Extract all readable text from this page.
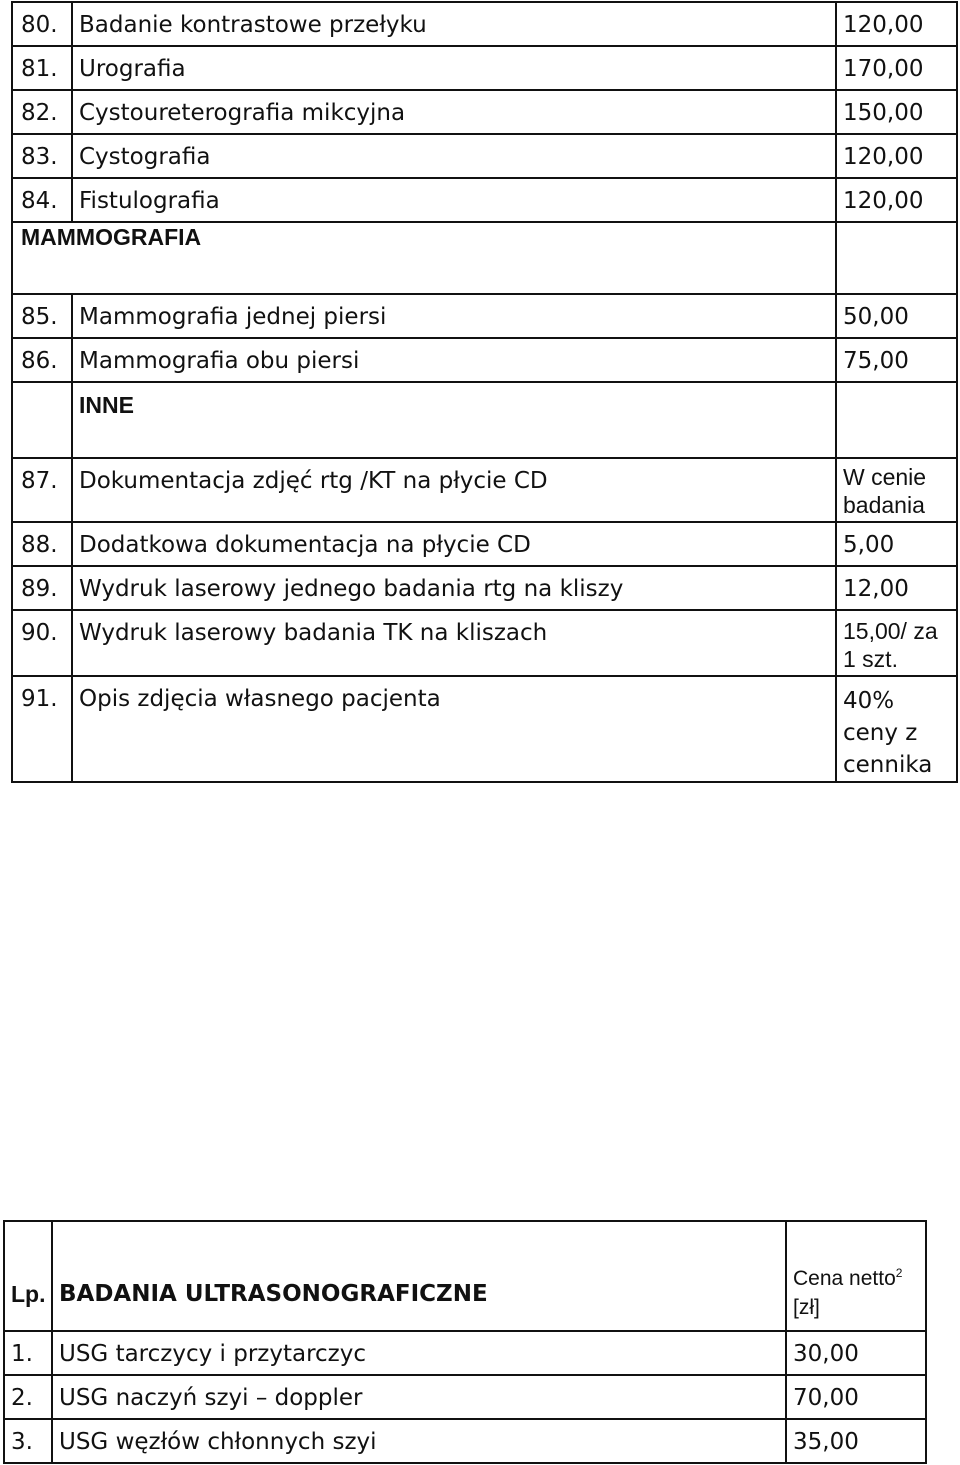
80.	Badanie kontrastowe przełyku	120,00
81.	Urografia	170,00
82.	Cystoureterografia mikcyjna	150,00
83.	Cystografia	120,00
84.	Fistulografia	120,00
MAMMOGRAFIA		
85.	Mammografia jednej piersi	50,00
86.	Mammografia obu piersi	75,00
	INNE	
87.	Dokumentacja zdjęć rtg /KT na płycie CD	W cenie badania
88.	Dodatkowa dokumentacja na płycie CD	5,00
89.	Wydruk laserowy jednego badania rtg na kliszy	12,00
90.	Wydruk laserowy badania TK na kliszach	15,00/ za 1 szt.
91.	Opis zdjęcia własnego pacjenta	40% ceny z cennika
Lp.	BADANIA ULTRASONOGRAFICZNE	Cena netto$^2$
[zł]
1.	USG tarczycy i przytarczyc	30,00
2.	USG naczyń szyi – doppler	70,00
3.	USG węzłów chłonnych szyi	35,00
